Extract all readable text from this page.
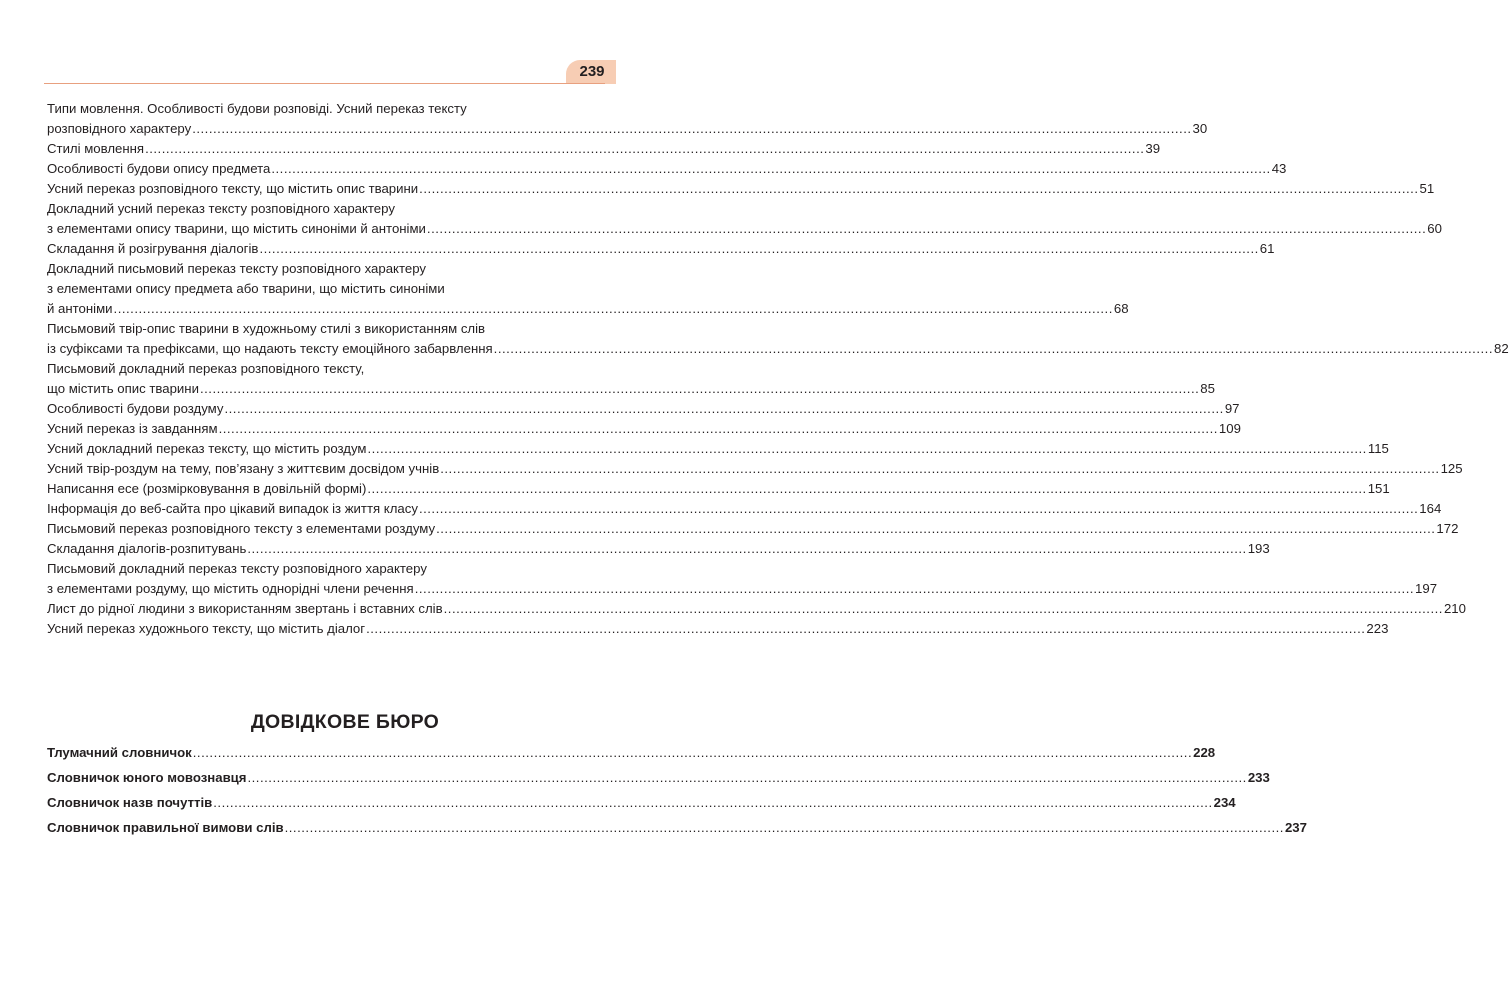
239
Типи мовлення. Особливості будови розповіді. Усний переказ тексту
розповідного характеру .....	30
Стилі мовлення .....	39
Особливості будови опису предмета .....	43
Усний переказ розповідного тексту, що містить опис тварини .....	51
Докладний усний переказ тексту розповідного характеру
з елементами опису тварини, що містить синоніми й антоніми .....	60
Складання й розігрування діалогів .....	61
Докладний письмовий переказ тексту розповідного характеру
з елементами опису предмета або тварини, що містить синоніми
й антоніми .....	68
Письмовий твір-опис тварини в художньому стилі з використанням слів
із суфіксами та префіксами, що надають тексту емоційного забарвлення .....	82
Письмовий докладний переказ розповідного тексту,
що містить опис тварини .....	85
Особливості будови роздуму .....	97
Усний переказ із завданням .....	109
Усний докладний переказ тексту, що містить роздум .....	115
Усний твір-роздум на тему, пов’язану з життєвим досвідом учнів .....	125
Написання есе (розмірковування в довільній формі) .....	151
Інформація до веб-сайта про цікавий випадок із життя класу .....	164
Письмовий переказ розповідного тексту з елементами роздуму .....	172
Складання діалогів-розпитувань .....	193
Письмовий докладний переказ тексту розповідного характеру
з елементами роздуму, що містить однорідні члени речення .....	197
Лист до рідної людини з використанням звертань і вставних слів .....	210
Усний переказ художнього тексту, що містить діалог .....	223
ДОВІДКОВЕ БЮРО
Тлумачний словничок .....	228
Словничок юного мовознавця .....	233
Словничок назв почуттів .....	234
Словничок правильної вимови слів .....	237
